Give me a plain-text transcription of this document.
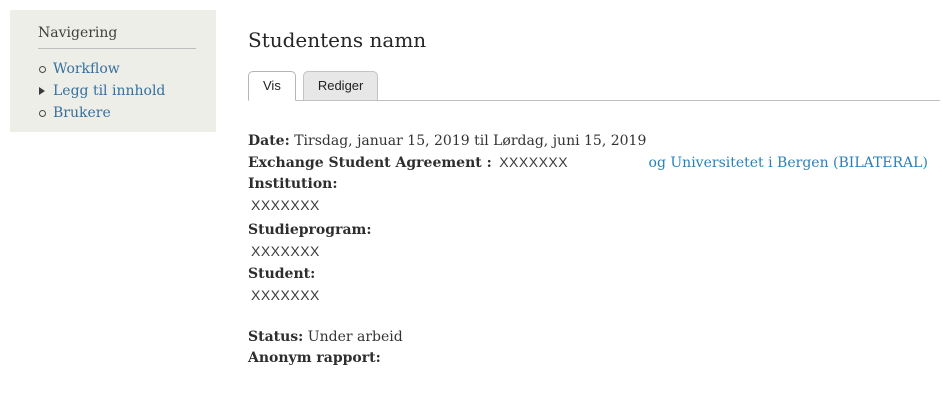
Navigering
Workflow
Legg til innhold
Brukere
Studentens namn
Vis	Rediger

Date: Tirsdag, januar 15, 2019 til Lørdag, juni 15, 2019

Exchange Student Agreement : XXXXXXX	og Universitetet i Bergen (BILATERAL)

Institution:
XXXXXXX
Studieprogram:
XXXXXXX
Student:
XXXXXXX

Status: Under arbeid

Anonym rapport:
